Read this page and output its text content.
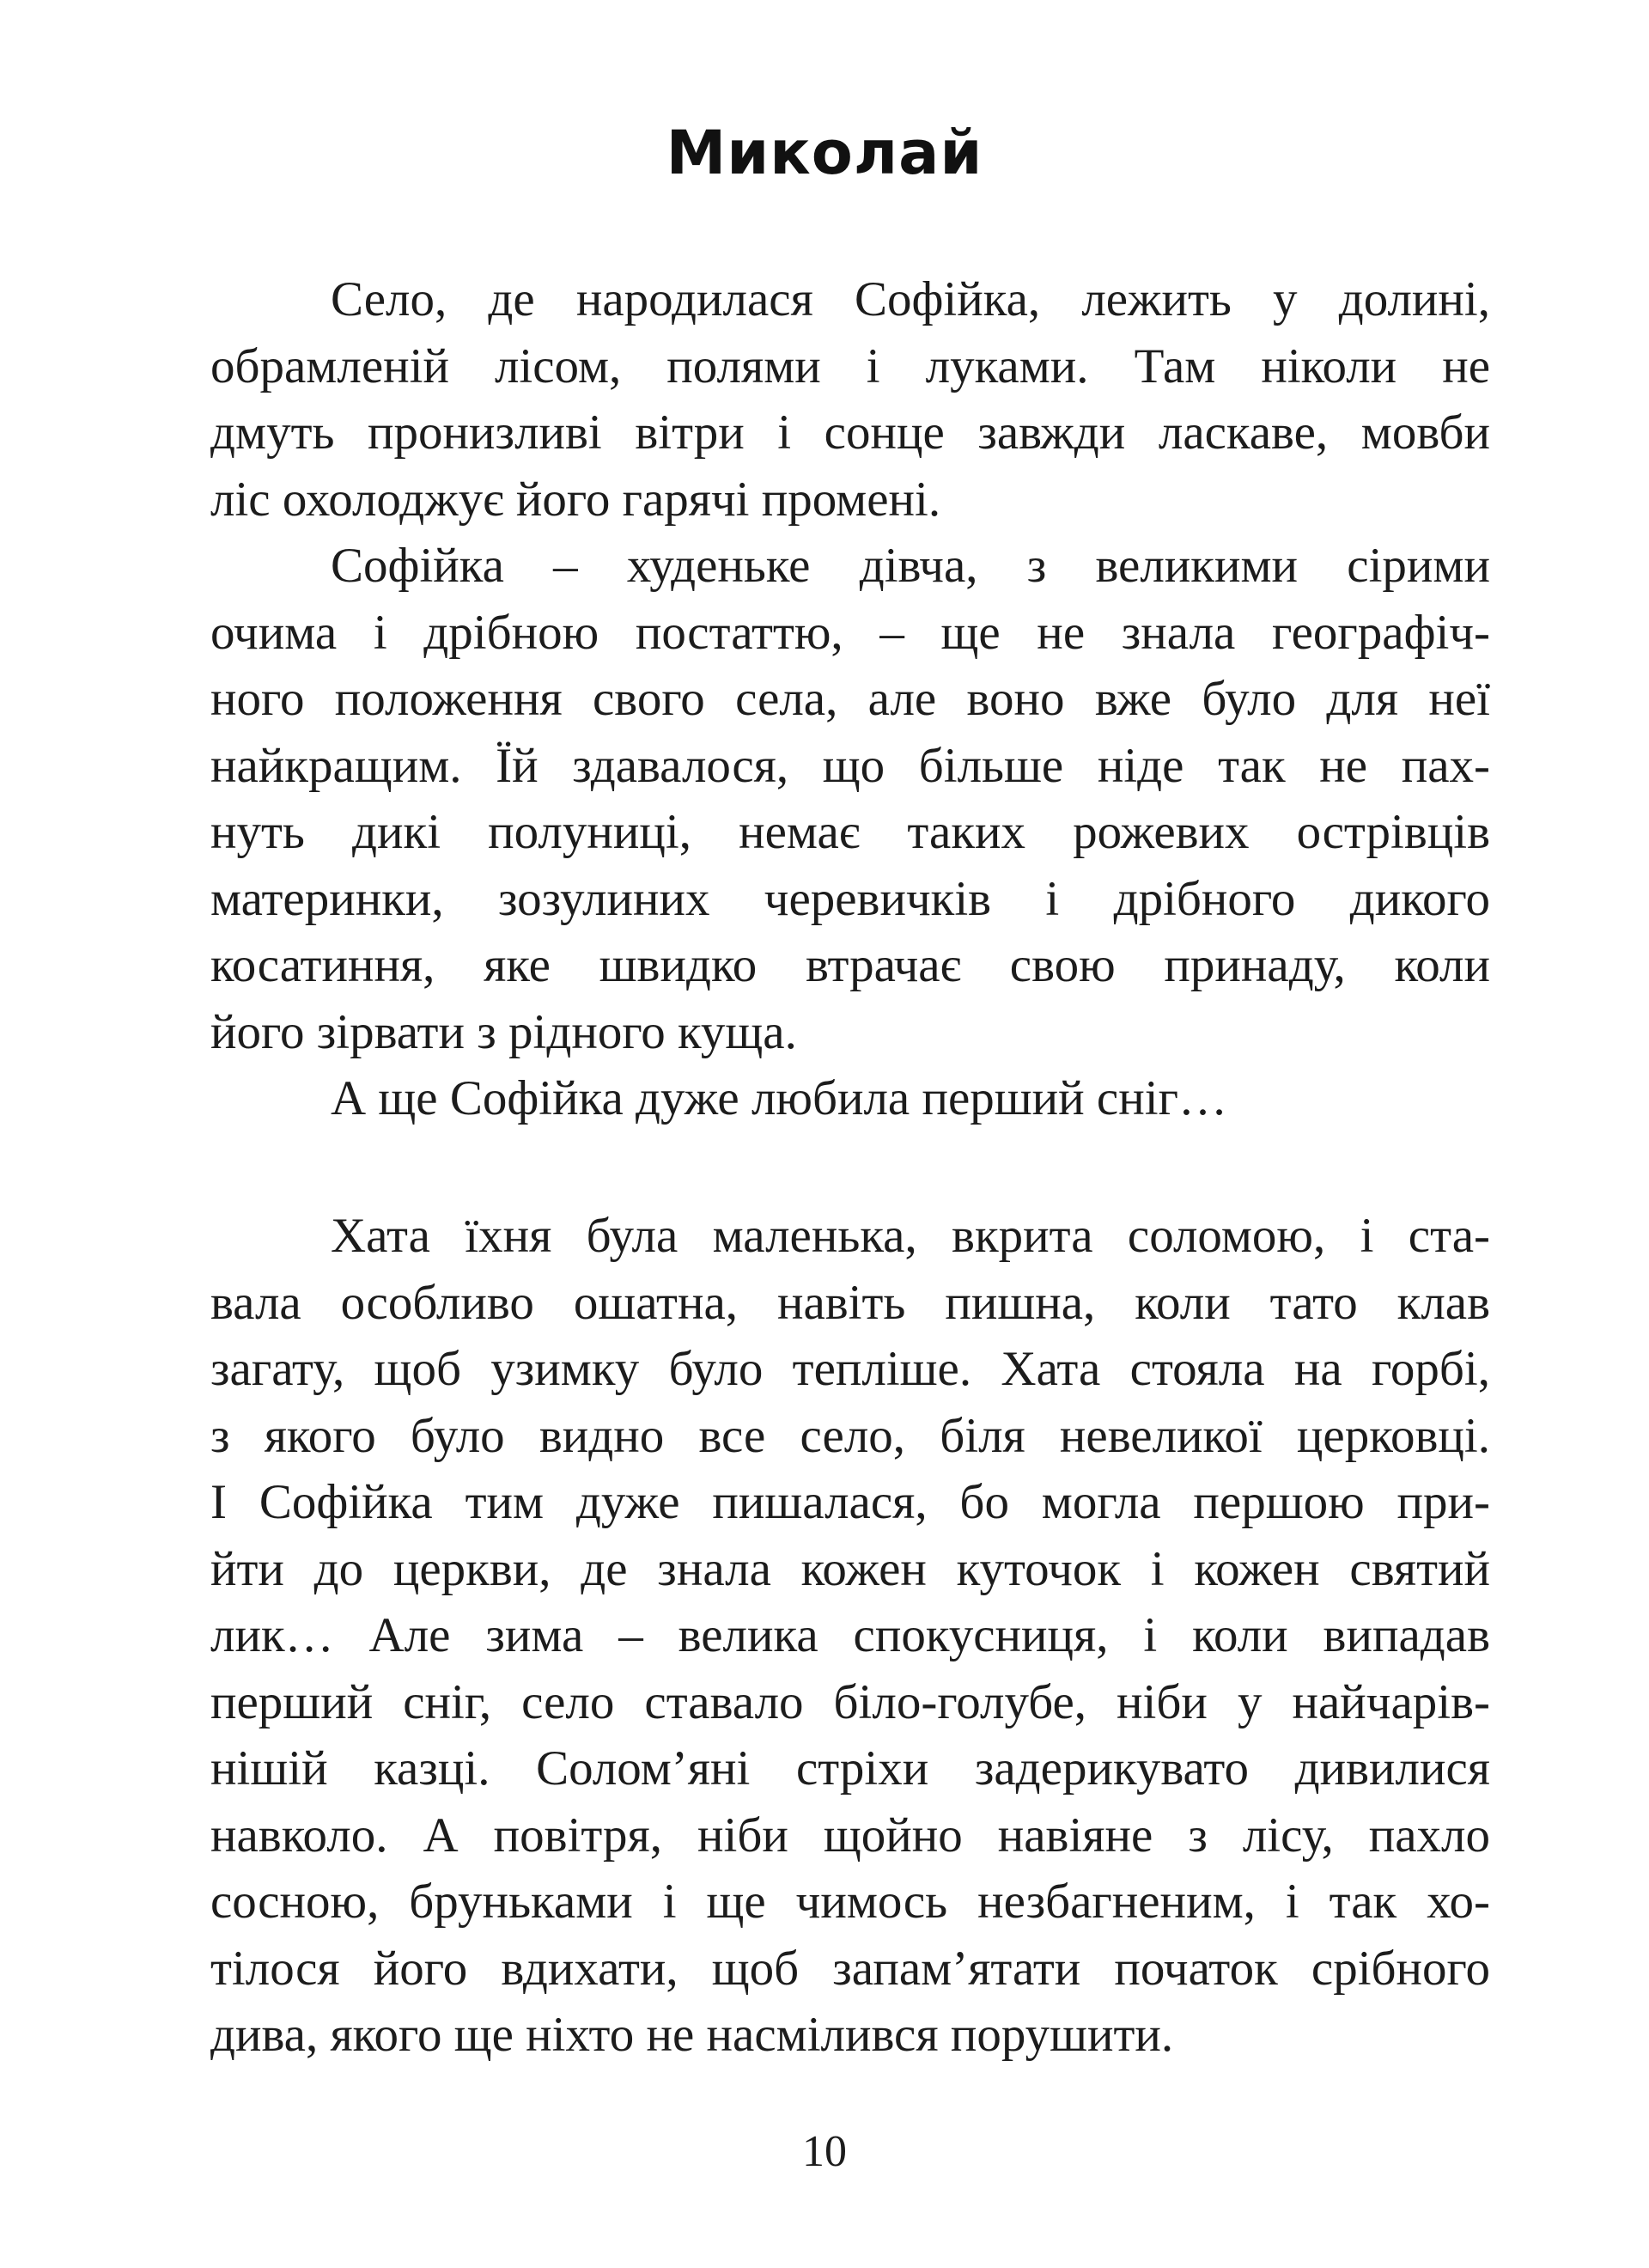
Миколай
Село, де народилася Софійка, лежить у долині,
обрамленій лісом, полями і луками. Там ніколи не
дмуть пронизливі вітри і сонце завжди ласкаве, мовби
ліс охолоджує його гарячі промені.
Софійка – худеньке дівча, з великими сірими
очима і дрібною постаттю, – ще не знала географіч-
ного положення свого села, але воно вже було для неї
найкращим. Їй здавалося, що більше ніде так не пах-
нуть дикі полуниці, немає таких рожевих острівців
материнки, зозулиних черевичків і дрібного дикого
косатиння, яке швидко втрачає свою принаду, коли
його зірвати з рідного куща.
А ще Софійка дуже любила перший сніг…
Хата їхня була маленька, вкрита соломою, і ста-
вала особливо ошатна, навіть пишна, коли тато клав
загату, щоб узимку було тепліше. Хата стояла на горбі,
з якого було видно все село, біля невеликої церковці.
І Софійка тим дуже пишалася, бо могла першою при-
йти до церкви, де знала кожен куточок і кожен святий
лик… Але зима – велика спокусниця, і коли випадав
перший сніг, село ставало біло-голубе, ніби у найчарів-
нішій казці. Солом’яні стріхи задерикувато дивилися
навколо. А повітря, ніби щойно навіяне з лісу, пахло
сосною, бруньками і ще чимось незбагненим, і так хо-
тілося його вдихати, щоб запам’ятати початок срібного
дива, якого ще ніхто не насмілився порушити.
10
